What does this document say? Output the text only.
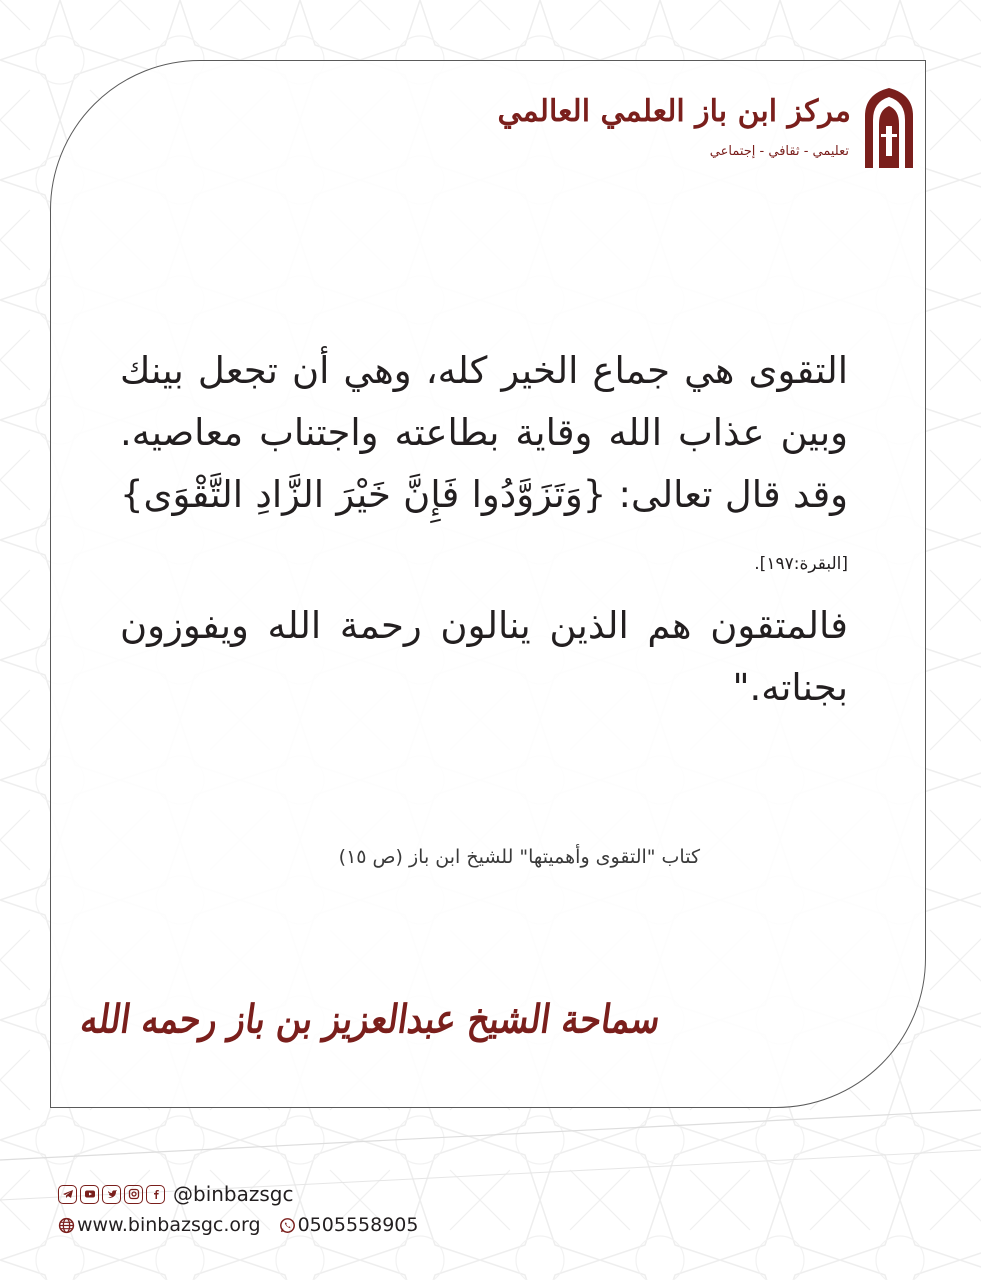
مركز ابن باز العلمي العالمي
تعليمي - ثقافي - إجتماعي

التقوى هي جماع الخير كله، وهي أن تجعل بينك وبين عذاب الله وقاية بطاعته واجتناب معاصيه. وقد قال تعالى: {وَتَزَوَّدُوا فَإِنَّ خَيْرَ الزَّادِ التَّقْوَى} [البقرة:١٩٧].

فالمتقون هم الذين ينالون رحمة الله ويفوزون بجناته."

كتاب "التقوى وأهميتها" للشيخ ابن باز (ص ١٥)
سماحة الشيخ عبدالعزيز بن باز رحمه الله
@binbazsgc
www.binbazsgc.org 0505558905
